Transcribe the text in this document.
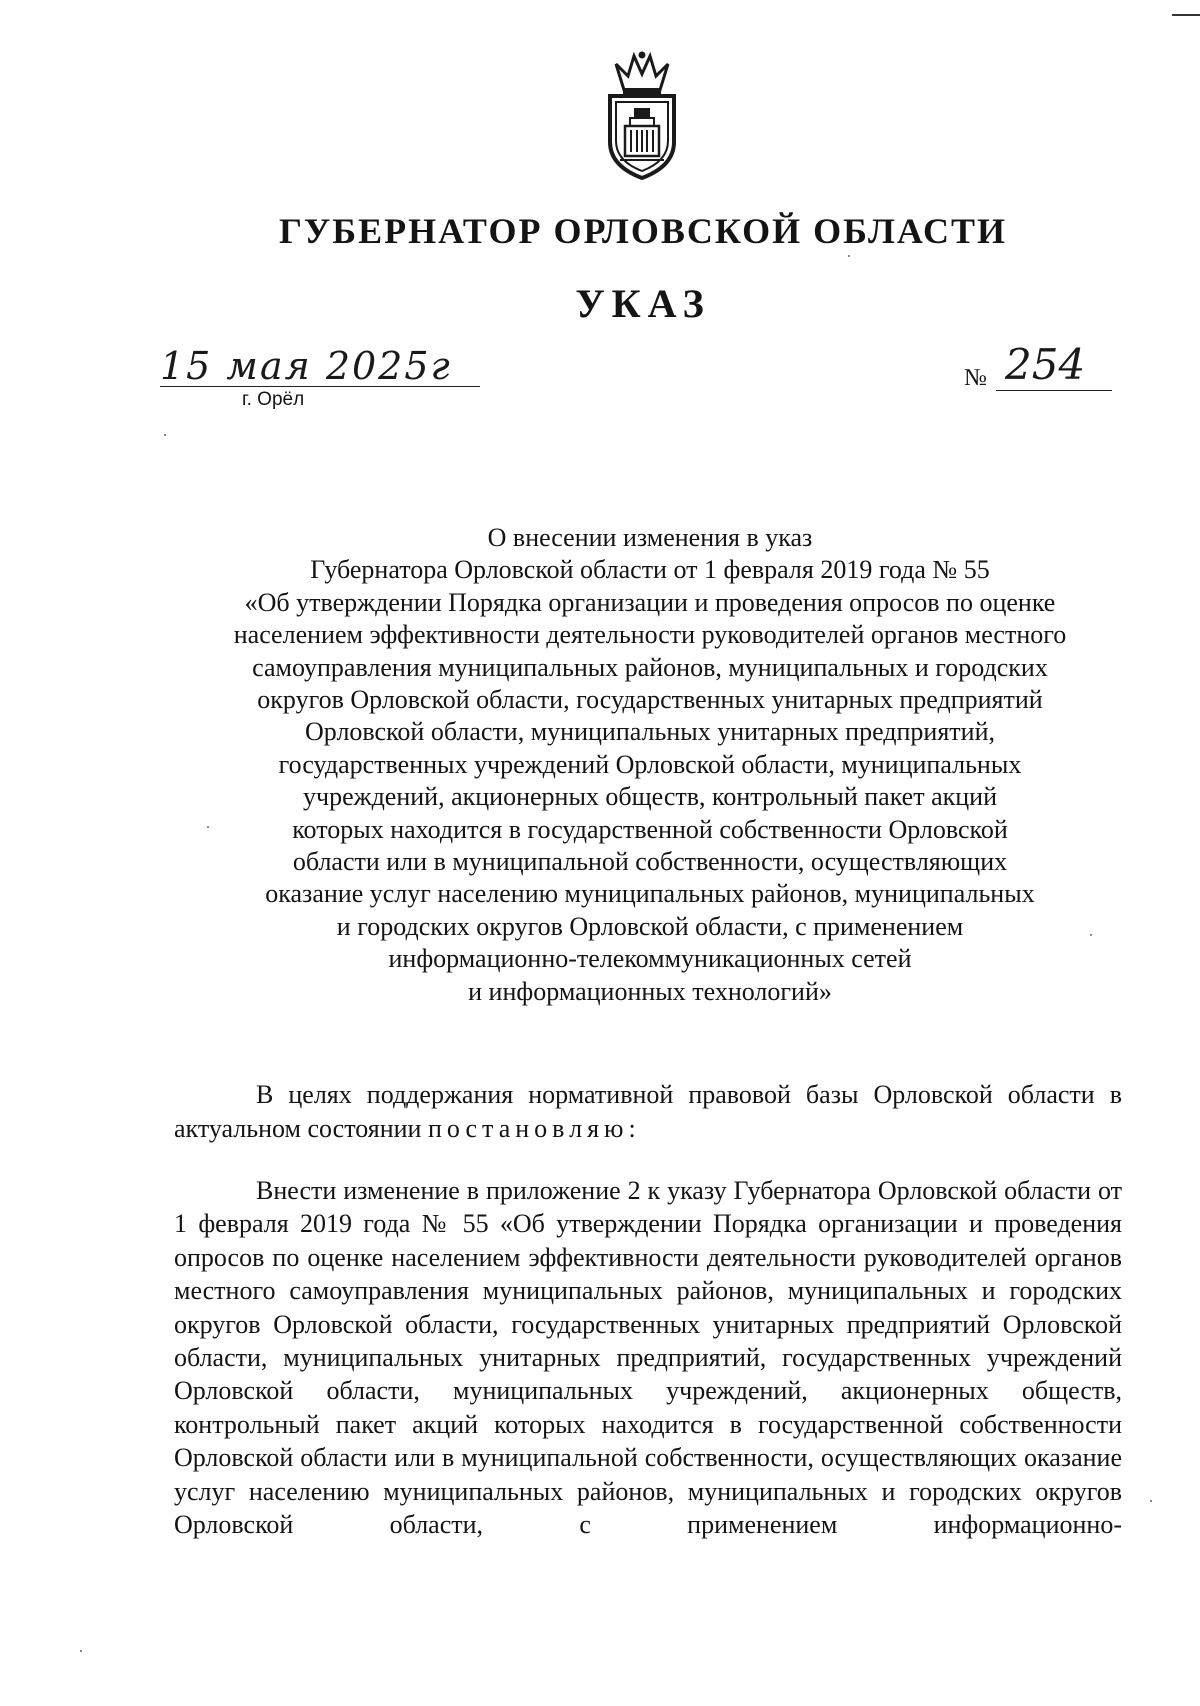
ГУБЕРНАТОР ОРЛОВСКОЙ ОБЛАСТИ
УКАЗ
15 мая 2025г
г. Орёл
№ 254
О внесении изменения в указ
Губернатора Орловской области от 1 февраля 2019 года № 55
«Об утверждении Порядка организации и проведения опросов по оценке
населением эффективности деятельности руководителей органов местного
самоуправления муниципальных районов, муниципальных и городских
округов Орловской области, государственных унитарных предприятий
Орловской области, муниципальных унитарных предприятий,
государственных учреждений Орловской области, муниципальных
учреждений, акционерных обществ, контрольный пакет акций
которых находится в государственной собственности Орловской
области или в муниципальной собственности, осуществляющих
оказание услуг населению муниципальных районов, муниципальных
и городских округов Орловской области, с применением
информационно-телекоммуникационных сетей
и информационных технологий»
В целях поддержания нормативной правовой базы Орловской области в актуальном состоянии постановляю:
Внести изменение в приложение 2 к указу Губернатора Орловской области от 1 февраля 2019 года № 55 «Об утверждении Порядка организации и проведения опросов по оценке населением эффективности деятельности руководителей органов местного самоуправления муниципальных районов, муниципальных и городских округов Орловской области, государственных унитарных предприятий Орловской области, муниципальных унитарных предприятий, государственных учреждений Орловской области, муниципальных учреждений, акционерных обществ, контрольный пакет акций которых находится в государственной собственности Орловской области или в муниципальной собственности, осуществляющих оказание услуг населению муниципальных районов, муниципальных и городских округов Орловской области, с применением информационно-
